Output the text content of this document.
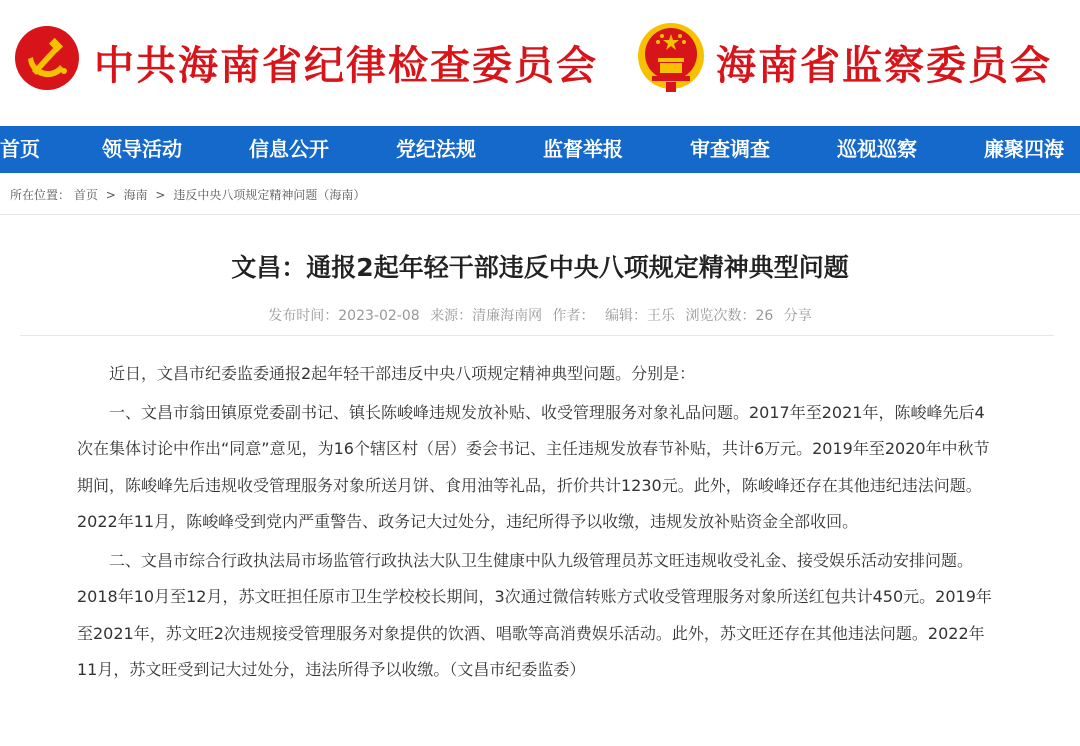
中共海南省纪律检查委员会	海南省监察委员会
首页	领导活动	信息公开	党纪法规	监督举报	审查调查	巡视巡察	廉聚四海
所在位置： 首页 > 海南 > 违反中央八项规定精神问题（海南）
文昌：通报2起年轻干部违反中央八项规定精神典型问题
发布时间：2023-02-08 来源：清廉海南网 作者： 编辑：王乐 浏览次数：26 分享

近日，文昌市纪委监委通报2起年轻干部违反中央八项规定精神典型问题。分别是：

一、文昌市翁田镇原党委副书记、镇长陈峻峰违规发放补贴、收受管理服务对象礼品问题。2017年至2021年，陈峻峰先后4次在集体讨论中作出“同意”意见，为16个辖区村（居）委会书记、主任违规发放春节补贴，共计6万元。2019年至2020年中秋节期间，陈峻峰先后违规收受管理服务对象所送月饼、食用油等礼品，折价共计1230元。此外，陈峻峰还存在其他违纪违法问题。2022年11月，陈峻峰受到党内严重警告、政务记大过处分，违纪所得予以收缴，违规发放补贴资金全部收回。

二、文昌市综合行政执法局市场监管行政执法大队卫生健康中队九级管理员苏文旺违规收受礼金、接受娱乐活动安排问题。2018年10月至12月，苏文旺担任原市卫生学校校长期间，3次通过微信转账方式收受管理服务对象所送红包共计450元。2019年至2021年，苏文旺2次违规接受管理服务对象提供的饮酒、唱歌等高消费娱乐活动。此外，苏文旺还存在其他违法问题。2022年11月，苏文旺受到记大过处分，违法所得予以收缴。（文昌市纪委监委）
